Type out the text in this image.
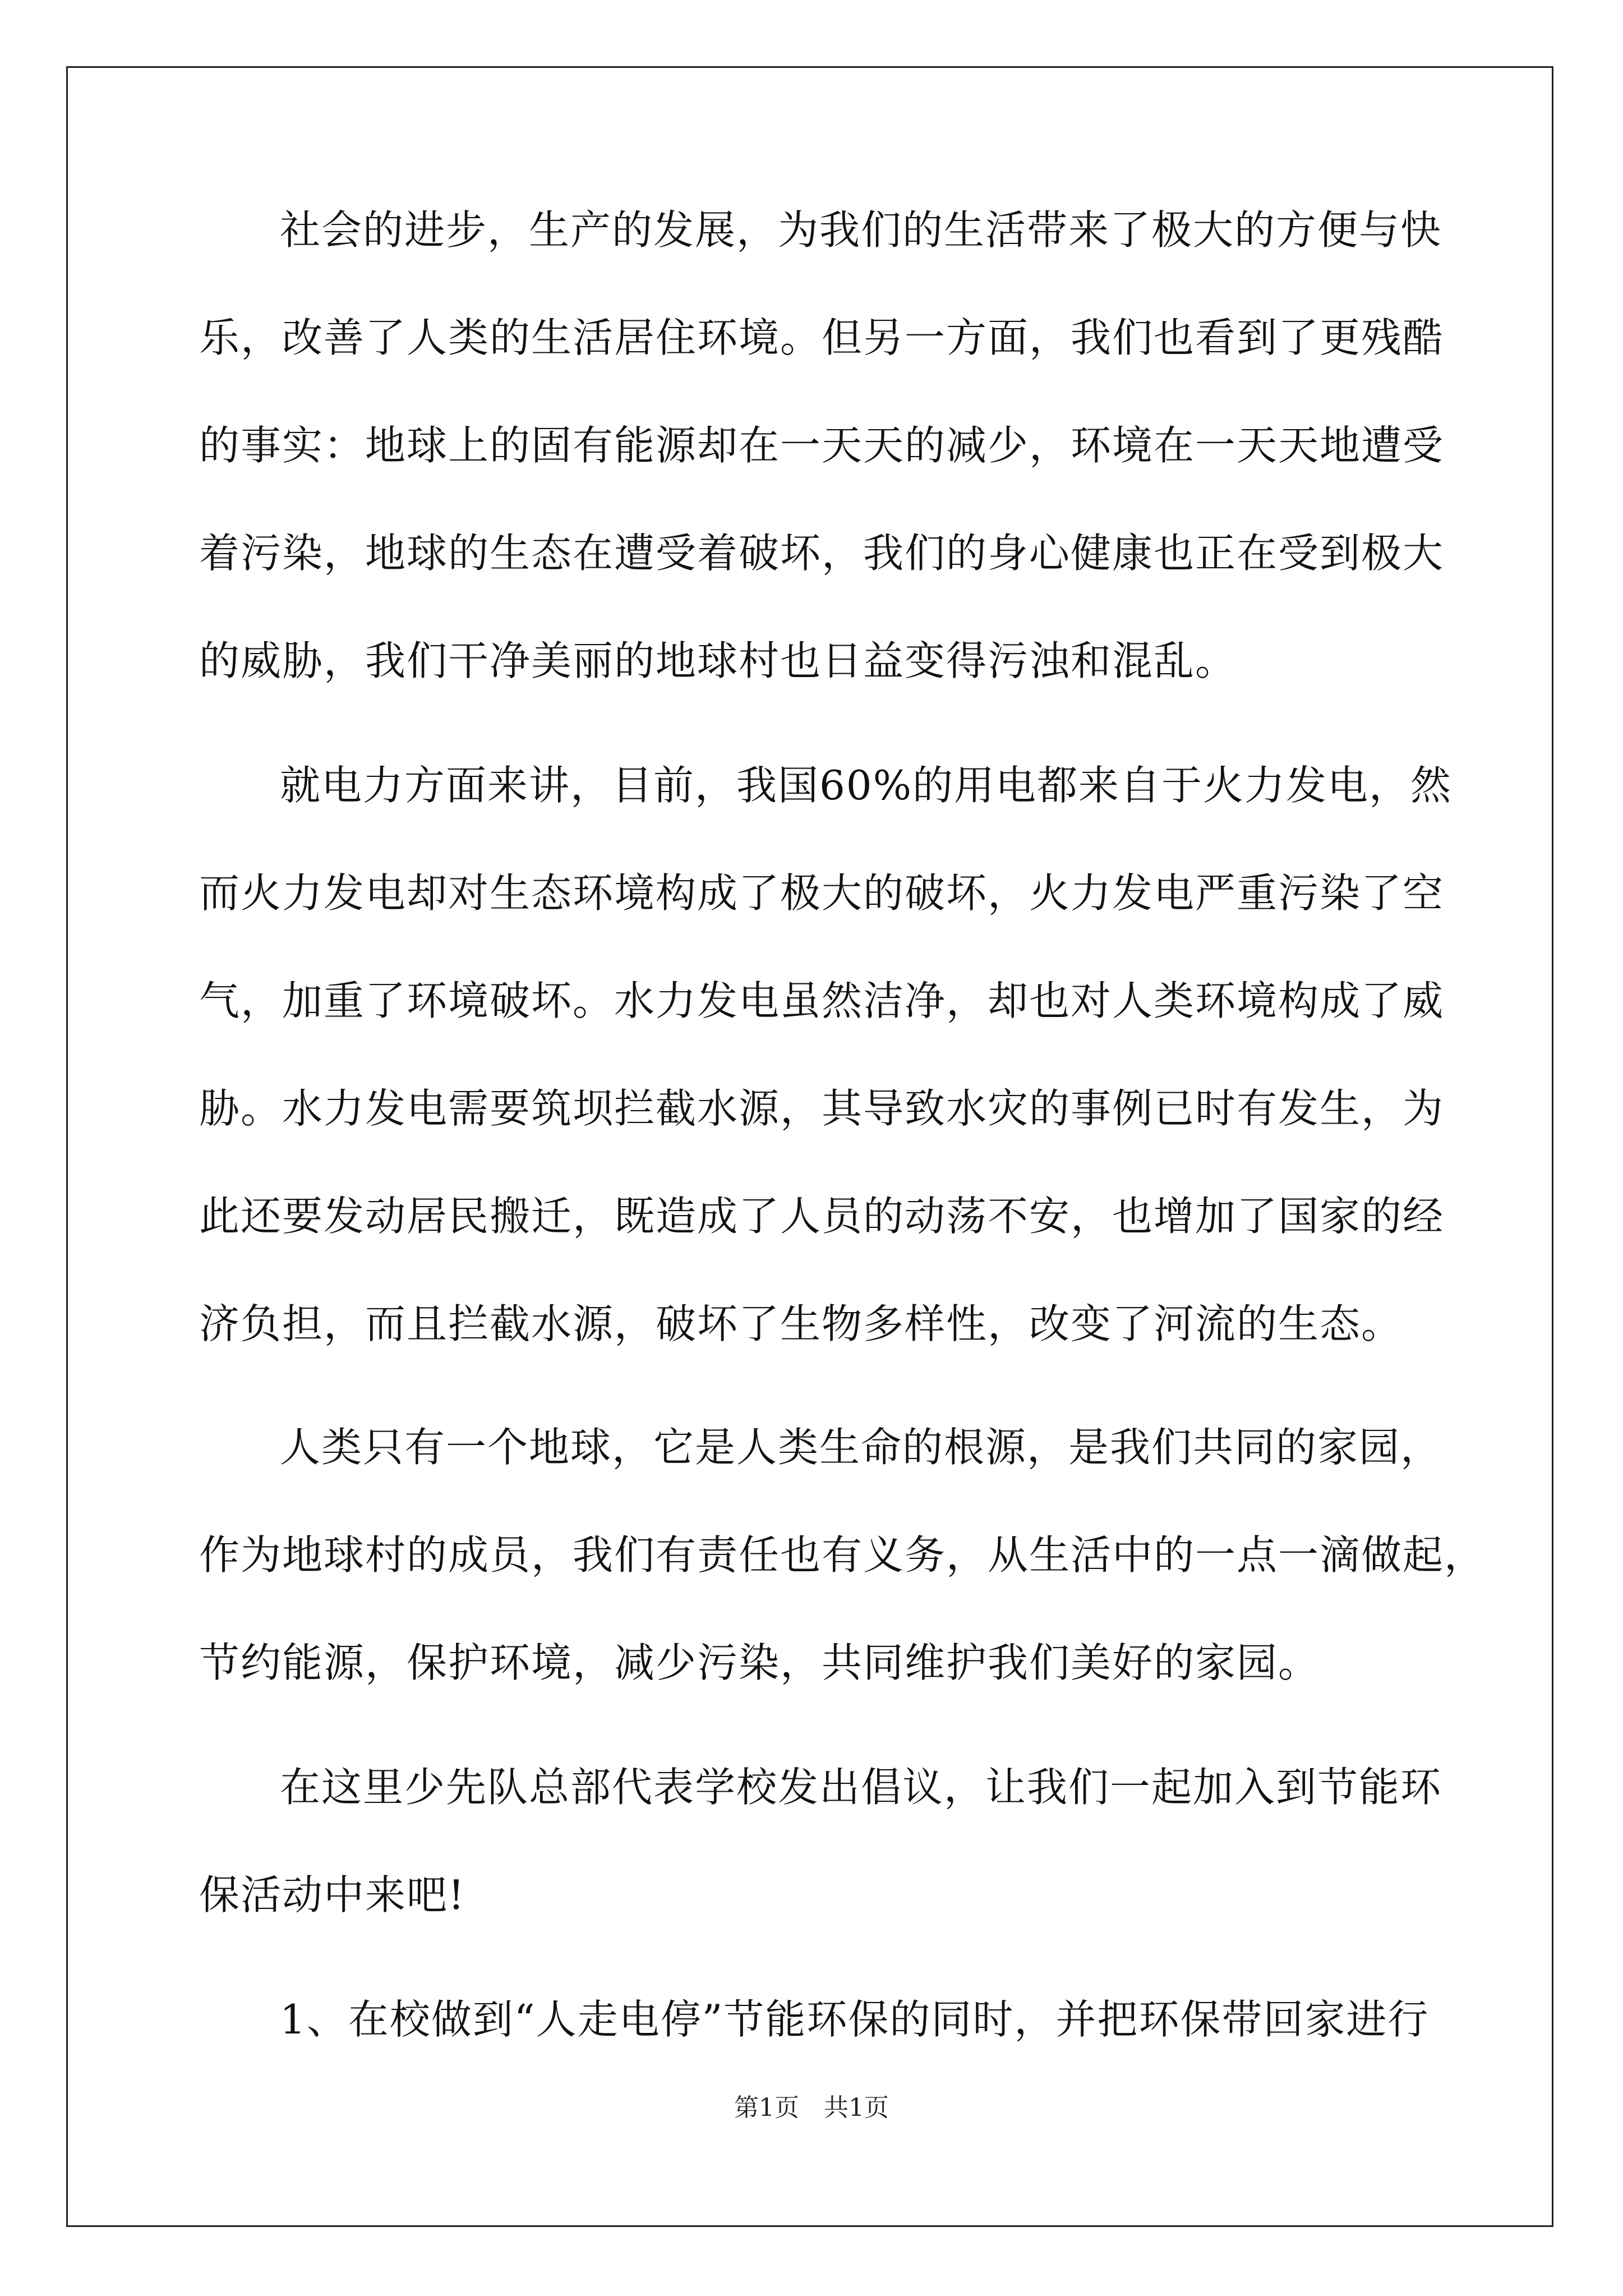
社会的进步，生产的发展，为我们的生活带来了极大的方便与快
乐，改善了人类的生活居住环境。但另一方面，我们也看到了更残酷
的事实：地球上的固有能源却在一天天的减少，环境在一天天地遭受
着污染，地球的生态在遭受着破坏，我们的身心健康也正在受到极大
的威胁，我们干净美丽的地球村也日益变得污浊和混乱。
就电力方面来讲，目前，我国60%的用电都来自于火力发电，然
而火力发电却对生态环境构成了极大的破坏，火力发电严重污染了空
气，加重了环境破坏。水力发电虽然洁净，却也对人类环境构成了威
胁。水力发电需要筑坝拦截水源，其导致水灾的事例已时有发生，为
此还要发动居民搬迁，既造成了人员的动荡不安，也增加了国家的经
济负担，而且拦截水源，破坏了生物多样性，改变了河流的生态。
人类只有一个地球，它是人类生命的根源，是我们共同的家园，
作为地球村的成员，我们有责任也有义务，从生活中的一点一滴做起，
节约能源，保护环境，减少污染，共同维护我们美好的家园。
在这里少先队总部代表学校发出倡议，让我们一起加入到节能环
保活动中来吧!
1、在校做到“人走电停”节能环保的同时，并把环保带回家进行
第1页　共1页
